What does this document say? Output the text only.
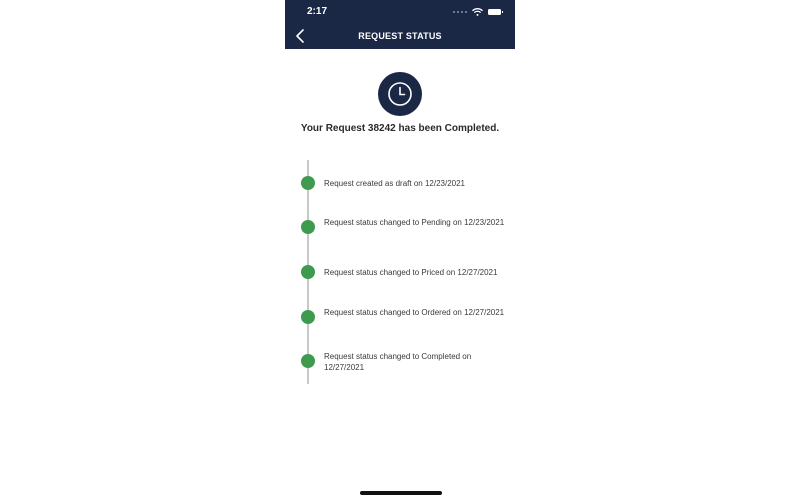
2:17
REQUEST STATUS
Your Request 38242 has been Completed.
Request created as draft on 12/23/2021
Request status changed to Pending on 12/23/2021
Request status changed to Priced on 12/27/2021
Request status changed to Ordered on 12/27/2021
Request status changed to Completed on 12/27/2021
